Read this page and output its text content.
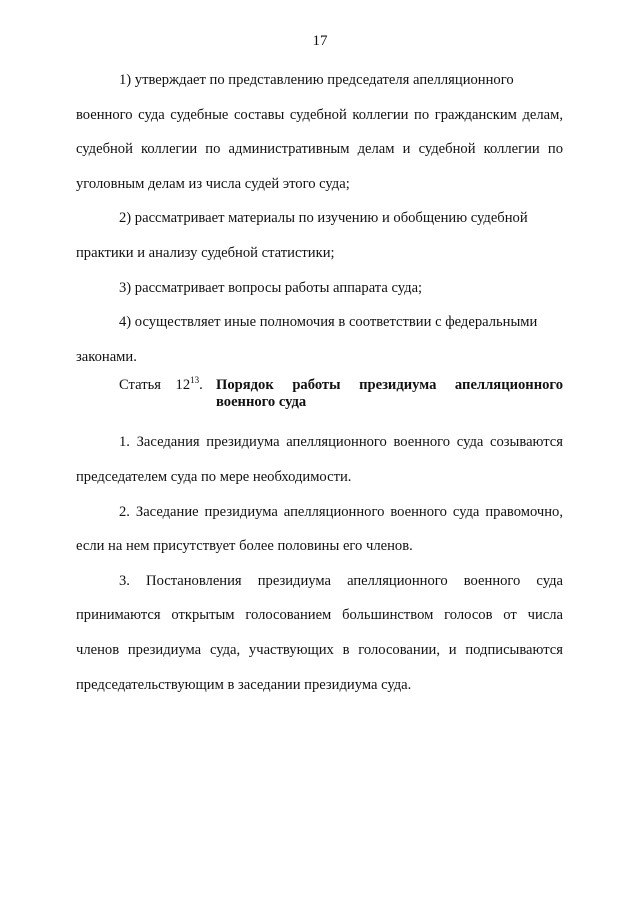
17

1) утверждает по представлению председателя апелляционного

военного суда судебные составы судебной коллегии по гражданским делам, судебной коллегии по административным делам и судебной коллегии по уголовным делам из числа судей этого суда;

2) рассматривает материалы по изучению и обобщению судебной

практики и анализу судебной статистики;

3) рассматривает вопросы работы аппарата суда;

4) осуществляет иные полномочия в соответствии с федеральными

законами.

Статья $12^{13}$. Порядок работы президиума апелляционного военного суда

1. Заседания президиума апелляционного военного суда созываются председателем суда по мере необходимости.

2. Заседание президиума апелляционного военного суда правомочно, если на нем присутствует более половины его членов.

3. Постановления президиума апелляционного военного суда принимаются открытым голосованием большинством голосов от числа членов президиума суда, участвующих в голосовании, и подписываются председательствующим в заседании президиума суда.
